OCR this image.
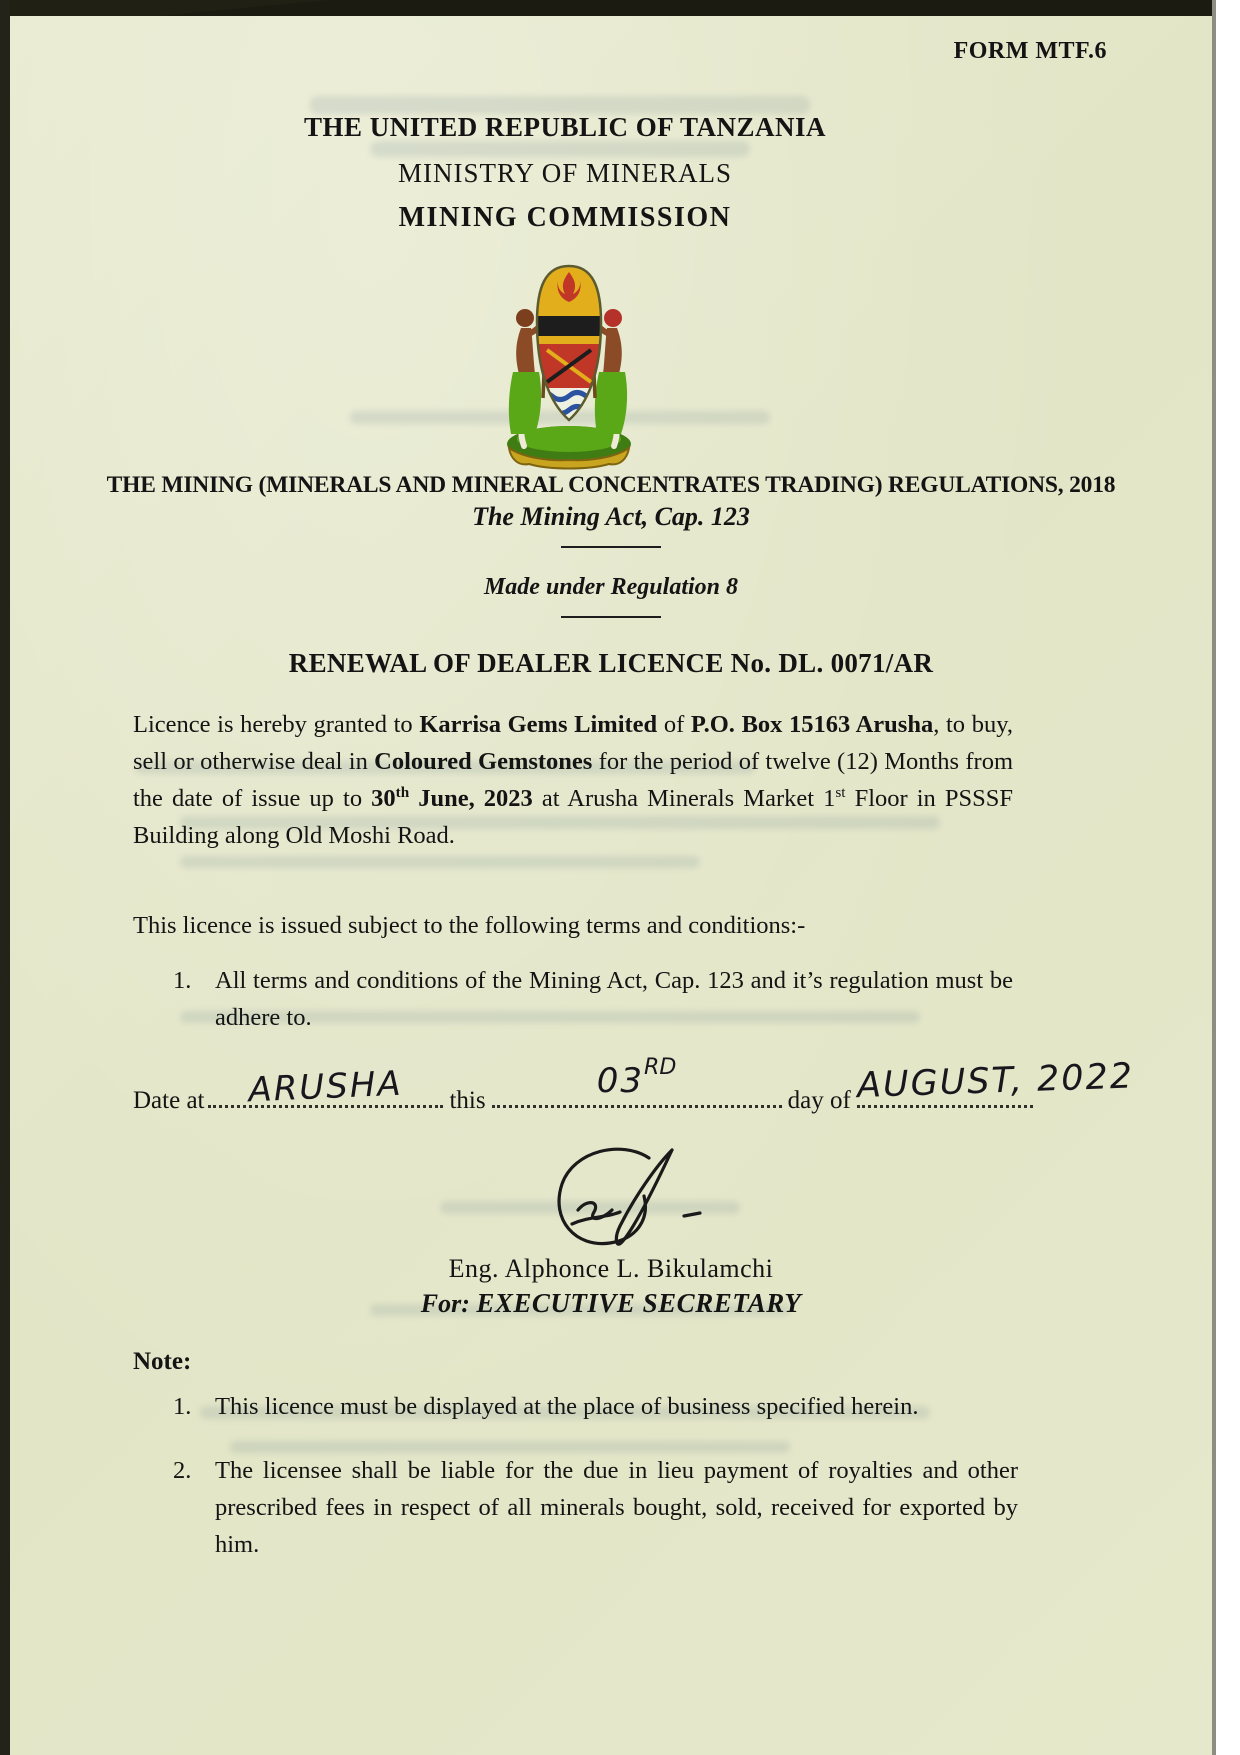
FORM MTF.6
THE UNITED REPUBLIC OF TANZANIA
MINISTRY OF MINERALS
MINING COMMISSION
THE MINING (MINERALS AND MINERAL CONCENTRATES TRADING) REGULATIONS, 2018
The Mining Act, Cap. 123
Made under Regulation 8
RENEWAL OF DEALER LICENCE No. DL. 0071/AR
Licence is hereby granted to Karrisa Gems Limited of P.O. Box 15163 Arusha, to buy, sell or otherwise deal in Coloured Gemstones for the period of twelve (12) Months from the date of issue up to 30th June, 2023 at Arusha Minerals Market 1st Floor in PSSSF Building along Old Moshi Road.
This licence is issued subject to the following terms and conditions:-
1. All terms and conditions of the Mining Act, Cap. 123 and it’s regulation must be adhere to.
Date at	ARUSHA	this	03RD
day of AUGUST, 2022
Eng. Alphonce L. Bikulamchi
For: EXECUTIVE SECRETARY
Note:
1. This licence must be displayed at the place of business specified herein.
2. The licensee shall be liable for the due in lieu payment of royalties and other prescribed fees in respect of all minerals bought, sold, received for exported by him.
